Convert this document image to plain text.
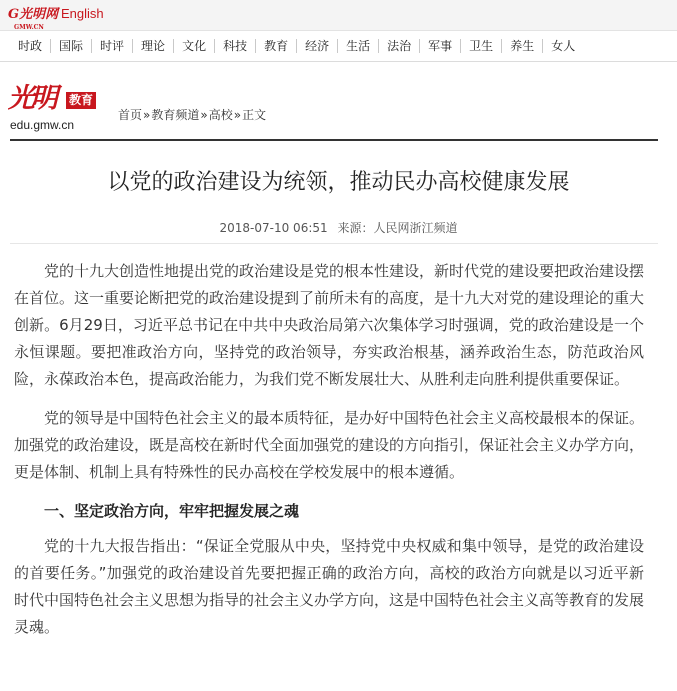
G光明网
GMW.CN
English
时政	国际	时评	理论	文化	科技	教育	经济	生活	法治	军事	卫生	养生	女人
光明 教育
edu.gmw.cn
首页»教育频道»高校»正文
以党的政治建设为统领，推动民办高校健康发展
2018-07-10 06:51 来源：人民网浙江频道

党的十九大创造性地提出党的政治建设是党的根本性建设，新时代党的建设要把政治建设摆在首位。这一重要论断把党的政治建设提到了前所未有的高度，是十九大对党的建设理论的重大创新。6月29日，习近平总书记在中共中央政治局第六次集体学习时强调，党的政治建设是一个永恒课题。要把准政治方向，坚持党的政治领导，夯实政治根基，涵养政治生态，防范政治风险，永葆政治本色，提高政治能力，为我们党不断发展壮大、从胜利走向胜利提供重要保证。

党的领导是中国特色社会主义的最本质特征，是办好中国特色社会主义高校最根本的保证。加强党的政治建设，既是高校在新时代全面加强党的建设的方向指引，保证社会主义办学方向，更是体制、机制上具有特殊性的民办高校在学校发展中的根本遵循。

一、坚定政治方向，牢牢把握发展之魂

党的十九大报告指出：“保证全党服从中央，坚持党中央权威和集中领导，是党的政治建设的首要任务。”加强党的政治建设首先要把握正确的政治方向，高校的政治方向就是以习近平新时代中国特色社会主义思想为指导的社会主义办学方向，这是中国特色社会主义高等教育的发展灵魂。
